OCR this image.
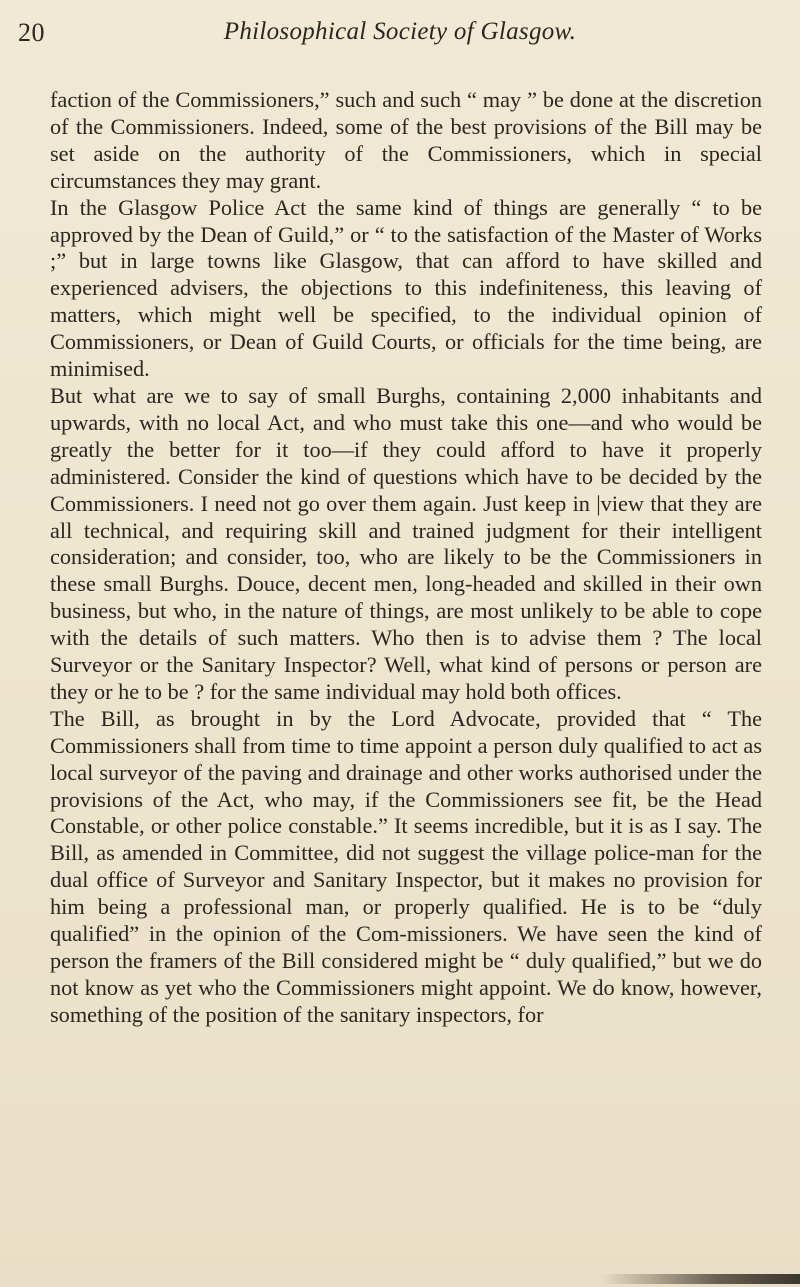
20	Philosophical Society of Glasgow.

faction of the Commissioners,” such and such “ may ” be done at the discretion of the Commissioners. Indeed, some of the best provisions of the Bill may be set aside on the authority of the Commissioners, which in special circumstances they may grant.

In the Glasgow Police Act the same kind of things are generally “ to be approved by the Dean of Guild,” or “ to the satisfaction of the Master of Works ;” but in large towns like Glasgow, that can afford to have skilled and experienced advisers, the objections to this indefiniteness, this leaving of matters, which might well be specified, to the individual opinion of Commissioners, or Dean of Guild Courts, or officials for the time being, are minimised.

But what are we to say of small Burghs, containing 2,000 inhabitants and upwards, with no local Act, and who must take this one—and who would be greatly the better for it too—if they could afford to have it properly administered. Consider the kind of questions which have to be decided by the Commissioners. I need not go over them again. Just keep in |view that they are all technical, and requiring skill and trained judgment for their intelligent consideration; and consider, too, who are likely to be the Commissioners in these small Burghs. Douce, decent men, long-headed and skilled in their own business, but who, in the nature of things, are most unlikely to be able to cope with the details of such matters. Who then is to advise them ? The local Surveyor or the Sanitary Inspector? Well, what kind of persons or person are they or he to be ? for the same individual may hold both offices.

The Bill, as brought in by the Lord Advocate, provided that “ The Commissioners shall from time to time appoint a person duly qualified to act as local surveyor of the paving and drainage and other works authorised under the provisions of the Act, who may, if the Commissioners see fit, be the Head Constable, or other police constable.” It seems incredible, but it is as I say. The Bill, as amended in Committee, did not suggest the village police-man for the dual office of Surveyor and Sanitary Inspector, but it makes no provision for him being a professional man, or properly qualified. He is to be “duly qualified” in the opinion of the Com-missioners. We have seen the kind of person the framers of the Bill considered might be “ duly qualified,” but we do not know as yet who the Commissioners might appoint. We do know, however, something of the position of the sanitary inspectors, for
